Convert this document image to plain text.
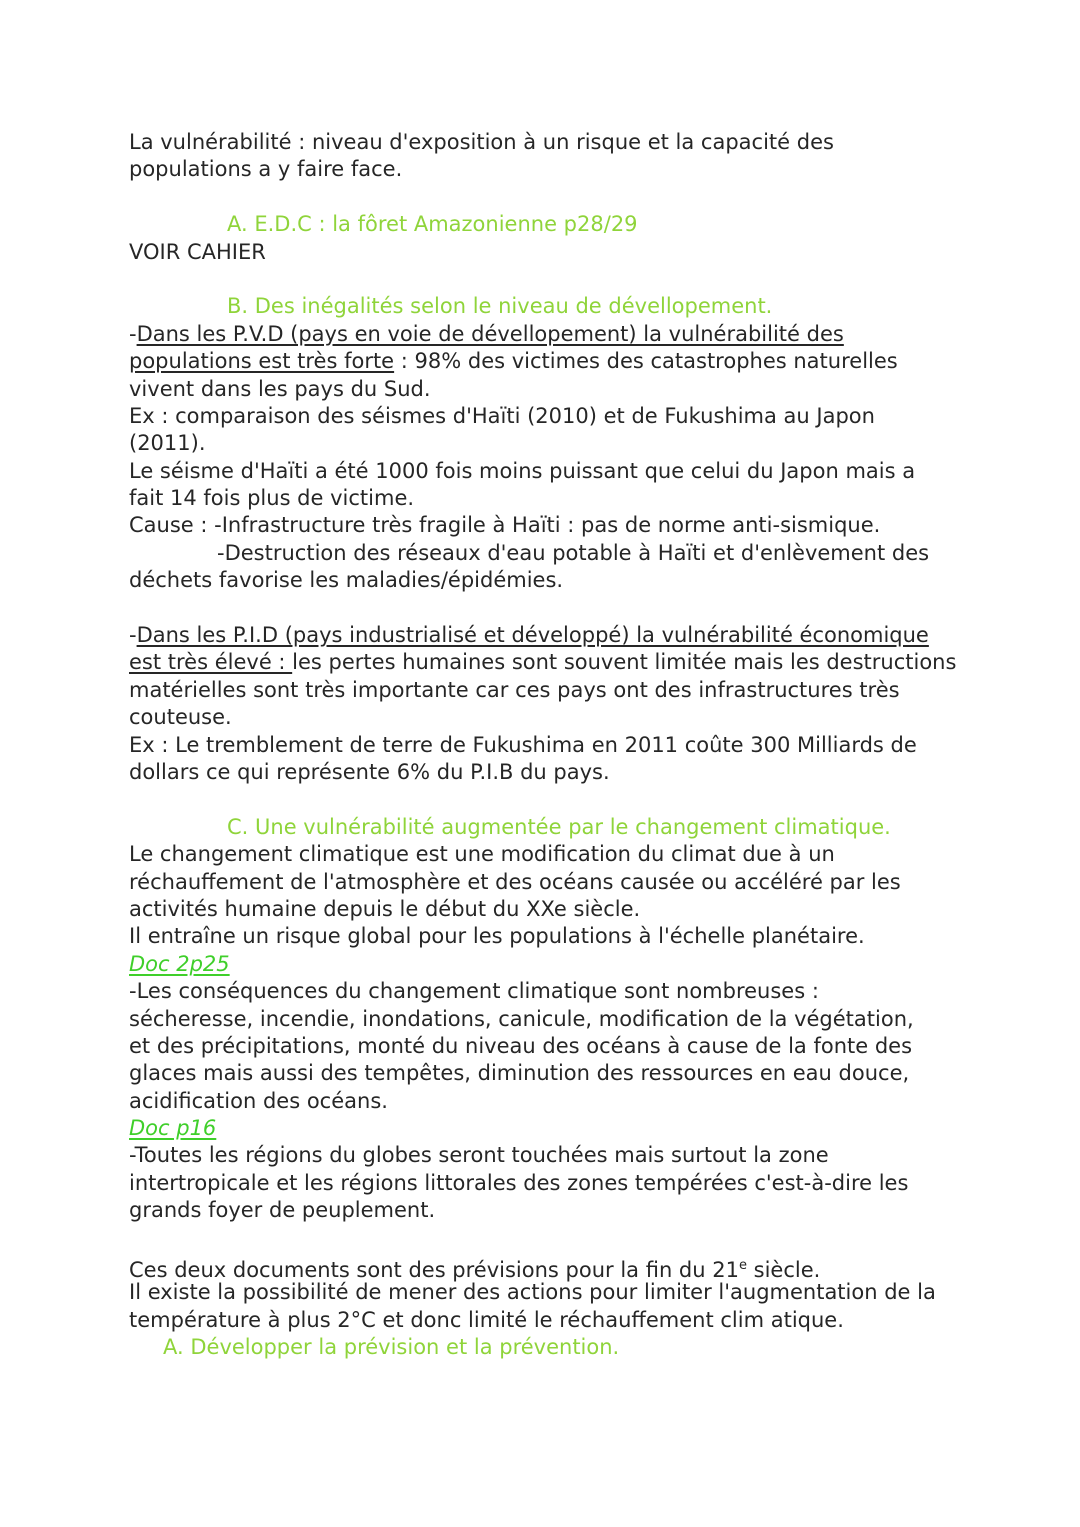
La vulnérabilité : niveau d'exposition à un risque et la capacité des
populations a y faire face.
A. E.D.C : la fôret Amazonienne p28/29
VOIR CAHIER
B. Des inégalités selon le niveau de dévellopement.
-Dans les P.V.D (pays en voie de dévellopement) la vulnérabilité des
populations est très forte : 98% des victimes des catastrophes naturelles
vivent dans les pays du Sud.
Ex : comparaison des séismes d'Haïti (2010) et de Fukushima au Japon
(2011).
Le séisme d'Haïti a été 1000 fois moins puissant que celui du Japon mais a
fait 14 fois plus de victime.
Cause : -Infrastructure très fragile à Haïti : pas de norme anti-sismique.
-Destruction des réseaux d'eau potable à Haïti et d'enlèvement des
déchets favorise les maladies/épidémies.
-Dans les P.I.D (pays industrialisé et développé) la vulnérabilité économique
est très élevé : les pertes humaines sont souvent limitée mais les destructions
matérielles sont très importante car ces pays ont des infrastructures très
couteuse.
Ex : Le tremblement de terre de Fukushima en 2011 coûte 300 Milliards de
dollars ce qui représente 6% du P.I.B du pays.
C. Une vulnérabilité augmentée par le changement climatique.
Le changement climatique est une modification du climat due à un
réchauffement de l'atmosphère et des océans causée ou accéléré par les
activités humaine depuis le début du XXe siècle.
Il entraîne un risque global pour les populations à l'échelle planétaire.
Doc 2p25
-Les conséquences du changement climatique sont nombreuses :
sécheresse, incendie, inondations, canicule, modification de la végétation,
et des précipitations, monté du niveau des océans à cause de la fonte des
glaces mais aussi des tempêtes, diminution des ressources en eau douce,
acidification des océans.
Doc p16
-Toutes les régions du globes seront touchées mais surtout la zone
intertropicale et les régions littorales des zones tempérées c'est-à-dire les
grands foyer de peuplement.
Ces deux documents sont des prévisions pour la fin du 21e siècle.
Il existe la possibilité de mener des actions pour limiter l'augmentation de la
température à plus 2°C et donc limité le réchauffement clim atique.
A. Développer la prévision et la prévention.
